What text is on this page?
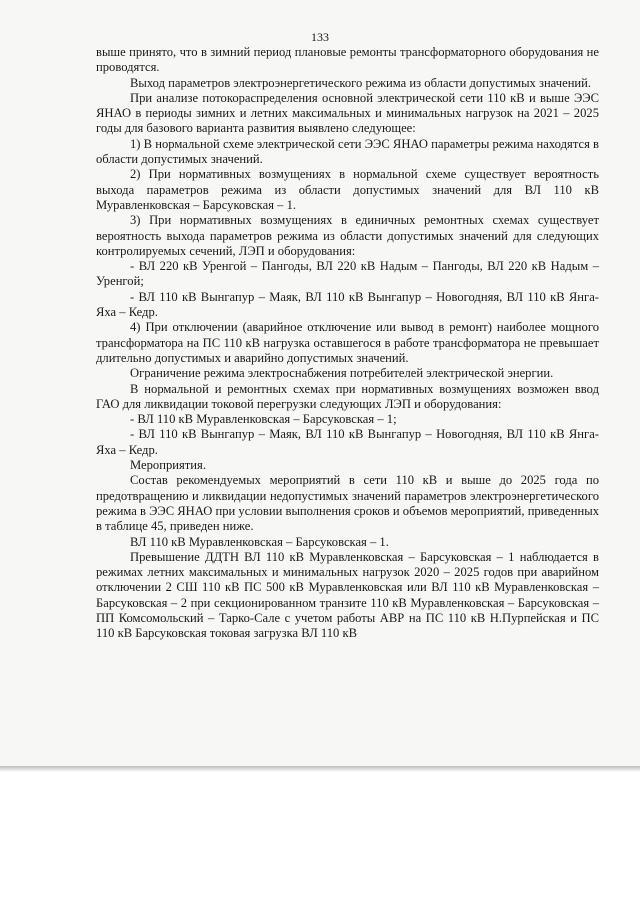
133

выше принято, что в зимний период плановые ремонты трансформаторного оборудования не проводятся.

Выход параметров электроэнергетического режима из области допустимых значений.

При анализе потокораспределения основной электрической сети 110 кВ и выше ЭЭС ЯНАО в периоды зимних и летних максимальных и минимальных нагрузок на 2021 – 2025 годы для базового варианта развития выявлено следующее:

1) В нормальной схеме электрической сети ЭЭС ЯНАО параметры режима находятся в области допустимых значений.

2) При нормативных возмущениях в нормальной схеме существует вероятность выхода параметров режима из области допустимых значений для ВЛ 110 кВ Муравленковская – Барсуковская – 1.

3) При нормативных возмущениях в единичных ремонтных схемах существует вероятность выхода параметров режима из области допустимых значений для следующих контролируемых сечений, ЛЭП и оборудования:

- ВЛ 220 кВ Уренгой – Пангоды, ВЛ 220 кВ Надым – Пангоды, ВЛ 220 кВ Надым – Уренгой;

- ВЛ 110 кВ Вынгапур – Маяк, ВЛ 110 кВ Вынгапур – Новогодняя, ВЛ 110 кВ Янга-Яха – Кедр.

4) При отключении (аварийное отключение или вывод в ремонт) наиболее мощного трансформатора на ПС 110 кВ нагрузка оставшегося в работе трансформатора не превышает длительно допустимых и аварийно допустимых значений.

Ограничение режима электроснабжения потребителей электрической энергии.

В нормальной и ремонтных схемах при нормативных возмущениях возможен ввод ГАО для ликвидации токовой перегрузки следующих ЛЭП и оборудования:

- ВЛ 110 кВ Муравленковская – Барсуковская – 1;

- ВЛ 110 кВ Вынгапур – Маяк, ВЛ 110 кВ Вынгапур – Новогодняя, ВЛ 110 кВ Янга-Яха – Кедр.

Мероприятия.

Состав рекомендуемых мероприятий в сети 110 кВ и выше до 2025 года по предотвращению и ликвидации недопустимых значений параметров электроэнергетического режима в ЭЭС ЯНАО при условии выполнения сроков и объемов мероприятий, приведенных в таблице 45, приведен ниже.

ВЛ 110 кВ Муравленковская – Барсуковская – 1.

Превышение ДДТН ВЛ 110 кВ Муравленковская – Барсуковская – 1 наблюдается в режимах летних максимальных и минимальных нагрузок 2020 – 2025 годов при аварийном отключении 2 СШ 110 кВ ПС 500 кВ Муравленковская или ВЛ 110 кВ Муравленковская – Барсуковская – 2 при секционированном транзите 110 кВ Муравленковская – Барсуковская – ПП Комсомольский – Тарко-Сале с учетом работы АВР на ПС 110 кВ Н.Пурпейская и ПС 110 кВ Барсуковская токовая загрузка ВЛ 110 кВ
